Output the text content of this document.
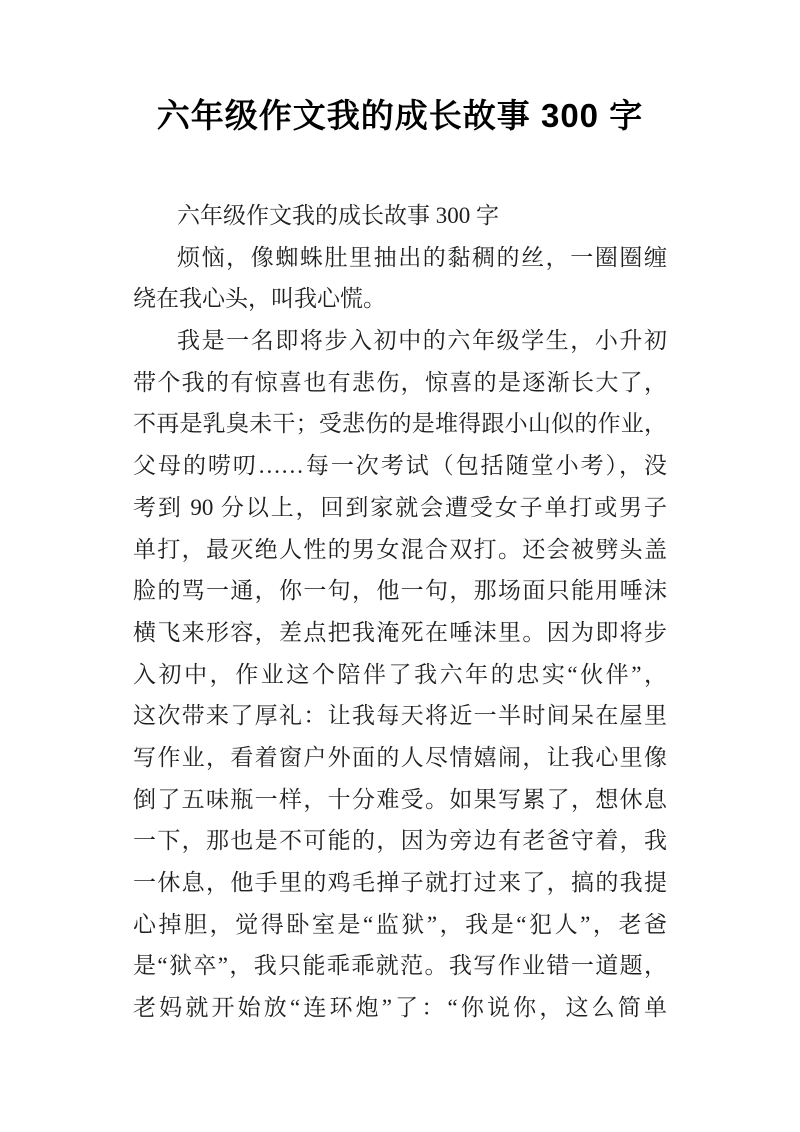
六年级作文我的成长故事 300 字
六年级作文我的成长故事 300 字
烦恼，像蜘蛛肚里抽出的黏稠的丝，一圈圈缠
绕在我心头，叫我心慌。
我是一名即将步入初中的六年级学生，小升初
带个我的有惊喜也有悲伤，惊喜的是逐渐长大了，
不再是乳臭未干；受悲伤的是堆得跟小山似的作业，
父母的唠叨……每一次考试（包括随堂小考），没
考到 90 分以上，回到家就会遭受女子单打或男子
单打，最灭绝人性的男女混合双打。还会被劈头盖
脸的骂一通，你一句，他一句，那场面只能用唾沫
横飞来形容，差点把我淹死在唾沫里。因为即将步
入初中，作业这个陪伴了我六年的忠实“伙伴”，
这次带来了厚礼：让我每天将近一半时间呆在屋里
写作业，看着窗户外面的人尽情嬉闹，让我心里像
倒了五味瓶一样，十分难受。如果写累了，想休息
一下，那也是不可能的，因为旁边有老爸守着，我
一休息，他手里的鸡毛掸子就打过来了，搞的我提
心掉胆，觉得卧室是“监狱”，我是“犯人”，老爸
是“狱卒”，我只能乖乖就范。我写作业错一道题，
老妈就开始放“连环炮”了：“你说你，这么简单
